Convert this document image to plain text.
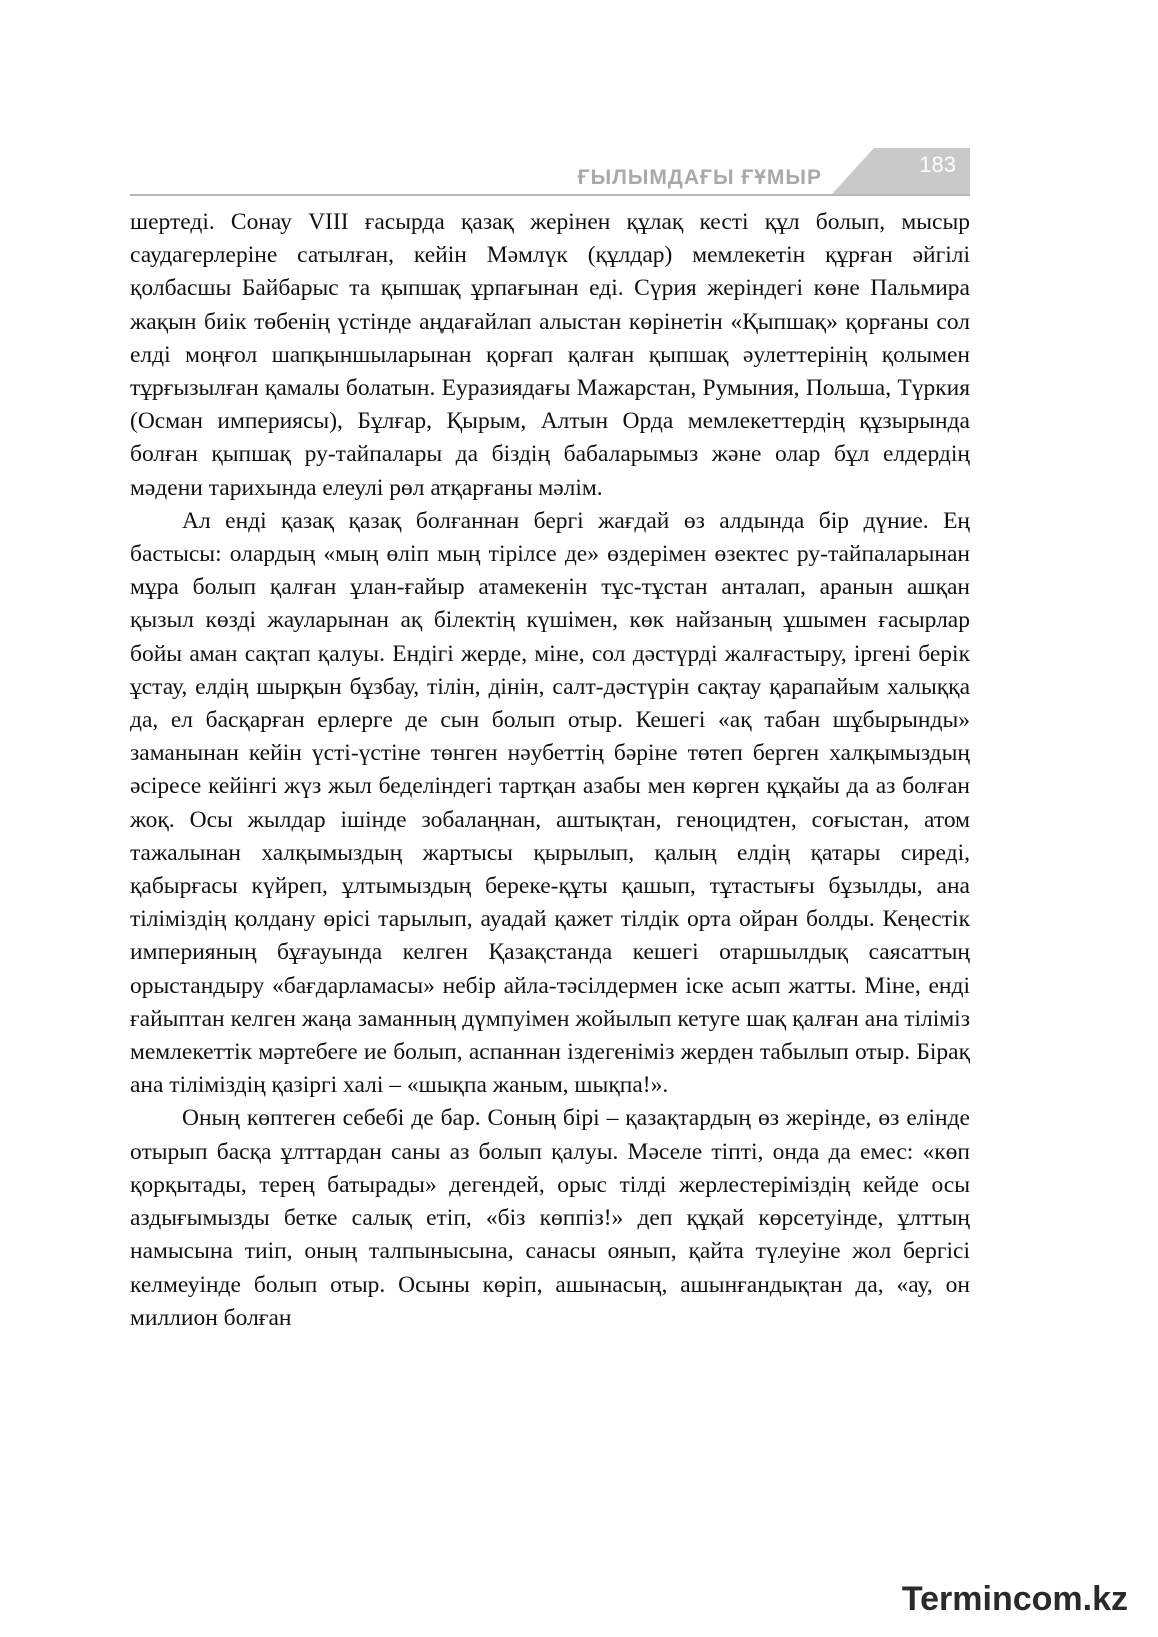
ҒЫЛЫМДАҒЫ ҒҰМЫР
183

шертеді. Сонау VIII ғасырда қазақ жерінен құлақ кесті құл болып, мысыр саудагерлеріне сатылған, кейін Мәмлүк (құлдар) мемлекетін құрған әйгілі қолбасшы Байбарыс та қыпшақ ұрпағынан еді. Сүрия жеріндегі көне Пальмира жақын биік төбенің үстінде аңдағайлап алыстан көрінетін «Қыпшақ» қорғаны сол елді моңғол шапқыншыларынан қорғап қалған қыпшақ әулеттерінің қолымен тұрғызылған қамалы болатын. Еуразиядағы Мажарстан, Румыния, Польша, Түркия (Осман империясы), Бұлғар, Қырым, Алтын Орда мемлекеттердің құзырында болған қыпшақ ру-тайпалары да біздің бабаларымыз және олар бұл елдердің мәдени тарихында елеулі рөл атқарғаны мәлім.

Ал енді қазақ қазақ болғаннан бергі жағдай өз алдында бір дүние. Ең бастысы: олардың «мың өліп мың тірілсе де» өздерімен өзектес ру-тайпаларынан мұра болып қалған ұлан-ғайыр атамекенін тұс-тұстан анталап, аранын ашқан қызыл көзді жауларынан ақ білектің күшімен, көк найзаның ұшымен ғасырлар бойы аман сақтап қалуы. Ендігі жерде, міне, сол дәстүрді жалғастыру, іргені берік ұстау, елдің шырқын бұзбау, тілін, дінін, салт-дәстүрін сақтау қарапайым халыққа да, ел басқарған ерлерге де сын болып отыр. Кешегі «ақ табан шұбырынды» заманынан кейін үсті-үстіне төнген нәубеттің бәріне төтеп берген халқымыздың әсіресе кейінгі жүз жыл беделіндегі тартқан азабы мен көрген құқайы да аз болған жоқ. Осы жылдар ішінде зобалаңнан, аштықтан, геноцидтен, соғыстан, атом тажалынан халқымыздың жартысы қырылып, қалың елдің қатары сиреді, қабырғасы күйреп, ұлтымыздың береке-құты қашып, тұтастығы бұзылды, ана тіліміздің қолдану өрісі тарылып, ауадай қажет тілдік орта ойран болды. Кеңестік империяның бұғауында келген Қазақстанда кешегі отаршылдық саясаттың орыстандыру «бағдарламасы» небір айла-тәсілдермен іске асып жатты. Міне, енді ғайыптан келген жаңа заманның дүмпуімен жойылып кетуге шақ қалған ана тіліміз мемлекеттік мәртебеге ие болып, аспаннан іздегеніміз жерден табылып отыр. Бірақ ана тіліміздің қазіргі халі – «шықпа жаным, шықпа!».

Оның көптеген себебі де бар. Соның бірі – қазақтардың өз жерінде, өз елінде отырып басқа ұлттардан саны аз болып қалуы. Мәселе тіпті, онда да емес: «көп қорқытады, терең батырады» дегендей, орыс тілді жерлестеріміздің кейде осы аздығымызды бетке салық етіп, «біз көппіз!» деп құқай көрсетуінде, ұлттың намысына тиіп, оның талпынысына, санасы оянып, қайта түлеуіне жол бергісі келмеуінде болып отыр. Осыны көріп, ашынасың, ашынғандықтан да, «ау, он миллион болған

Termincоm.kz
